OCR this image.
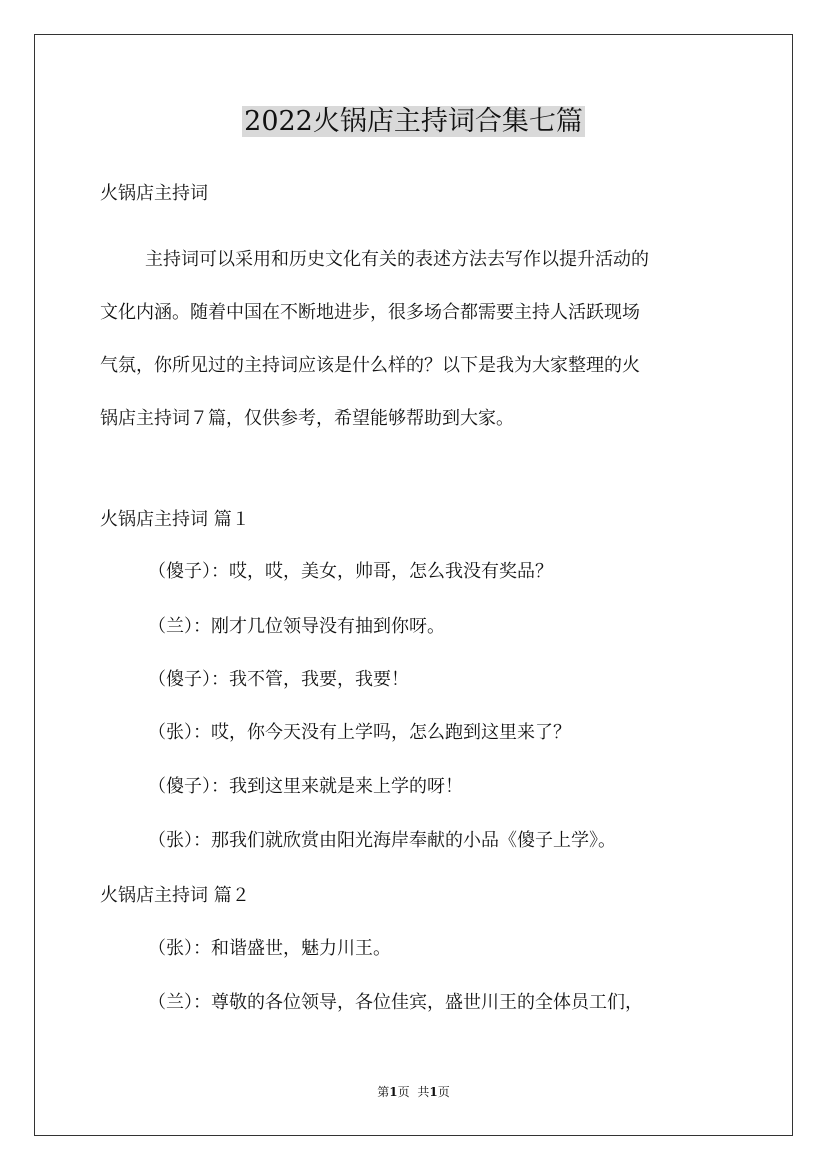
2022火锅店主持词合集七篇

火锅店主持词

主持词可以采用和历史文化有关的表述方法去写作以提升活动的
文化内涵。随着中国在不断地进步，很多场合都需要主持人活跃现场
气氛，你所见过的主持词应该是什么样的？以下是我为大家整理的火
锅店主持词７篇，仅供参考，希望能够帮助到大家。

火锅店主持词 篇１

（傻子）：哎，哎，美女，帅哥，怎么我没有奖品？

（兰）：刚才几位领导没有抽到你呀。

（傻子）：我不管，我要，我要！

（张）：哎，你今天没有上学吗，怎么跑到这里来了？

（傻子）：我到这里来就是来上学的呀！

（张）：那我们就欣赏由阳光海岸奉献的小品《傻子上学》。

火锅店主持词 篇２

（张）：和谐盛世，魅力川王。

（兰）：尊敬的各位领导，各位佳宾，盛世川王的全体员工们，

第1页 共1页
